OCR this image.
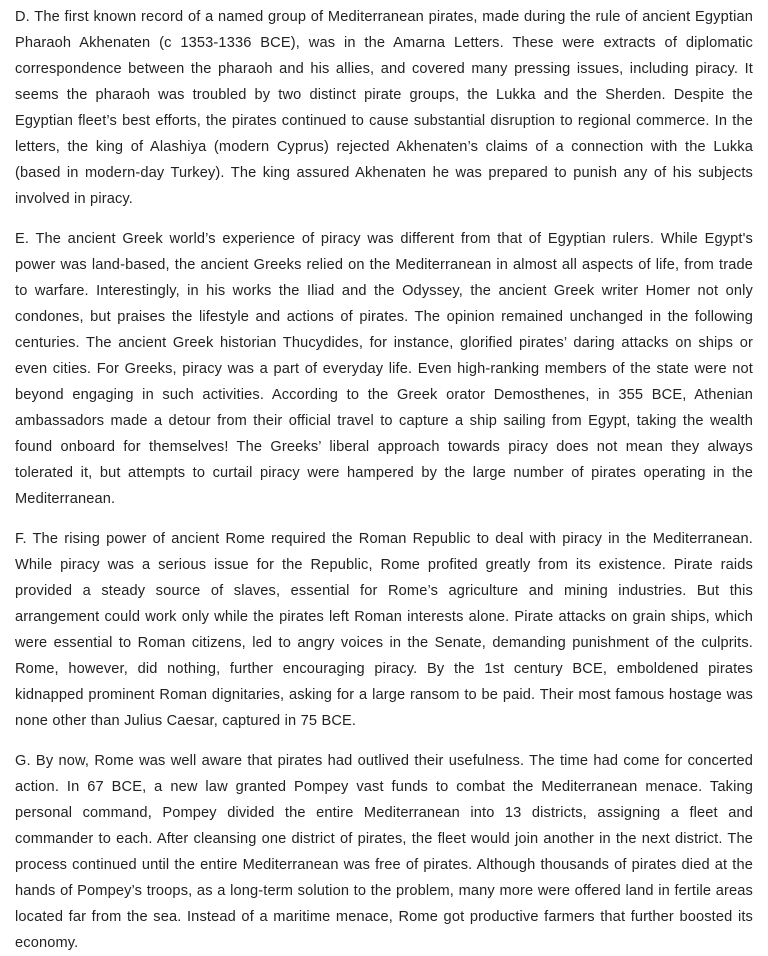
D. The first known record of a named group of Mediterranean pirates, made during the rule of ancient Egyptian Pharaoh Akhenaten (c 1353-1336 BCE), was in the Amarna Letters. These were extracts of diplomatic correspondence between the pharaoh and his allies, and covered many pressing issues, including piracy. It seems the pharaoh was troubled by two distinct pirate groups, the Lukka and the Sherden. Despite the Egyptian fleet’s best efforts, the pirates continued to cause substantial disruption to regional commerce. In the letters, the king of Alashiya (modern Cyprus) rejected Akhenaten’s claims of a connection with the Lukka (based in modern-day Turkey). The king assured Akhenaten he was prepared to punish any of his subjects involved in piracy.

E. The ancient Greek world’s experience of piracy was different from that of Egyptian rulers. While Egypt's power was land-based, the ancient Greeks relied on the Mediterranean in almost all aspects of life, from trade to warfare. Interestingly, in his works the Iliad and the Odyssey, the ancient Greek writer Homer not only condones, but praises the lifestyle and actions of pirates. The opinion remained unchanged in the following centuries. The ancient Greek historian Thucydides, for instance, glorified pirates’ daring attacks on ships or even cities. For Greeks, piracy was a part of everyday life. Even high-ranking members of the state were not beyond engaging in such activities. According to the Greek orator Demosthenes, in 355 BCE, Athenian ambassadors made a detour from their official travel to capture a ship sailing from Egypt, taking the wealth found onboard for themselves! The Greeks’ liberal approach towards piracy does not mean they always tolerated it, but attempts to curtail piracy were hampered by the large number of pirates operating in the Mediterranean.

F. The rising power of ancient Rome required the Roman Republic to deal with piracy in the Mediterranean. While piracy was a serious issue for the Republic, Rome profited greatly from its existence. Pirate raids provided a steady source of slaves, essential for Rome’s agriculture and mining industries. But this arrangement could work only while the pirates left Roman interests alone. Pirate attacks on grain ships, which were essential to Roman citizens, led to angry voices in the Senate, demanding punishment of the culprits. Rome, however, did nothing, further encouraging piracy. By the 1st century BCE, emboldened pirates kidnapped prominent Roman dignitaries, asking for a large ransom to be paid. Their most famous hostage was none other than Julius Caesar, captured in 75 BCE.

G. By now, Rome was well aware that pirates had outlived their usefulness. The time had come for concerted action. In 67 BCE, a new law granted Pompey vast funds to combat the Mediterranean menace. Taking personal command, Pompey divided the entire Mediterranean into 13 districts, assigning a fleet and commander to each. After cleansing one district of pirates, the fleet would join another in the next district. The process continued until the entire Mediterranean was free of pirates. Although thousands of pirates died at the hands of Pompey’s troops, as a long-term solution to the problem, many more were offered land in fertile areas located far from the sea. Instead of a maritime menace, Rome got productive farmers that further boosted its economy.
